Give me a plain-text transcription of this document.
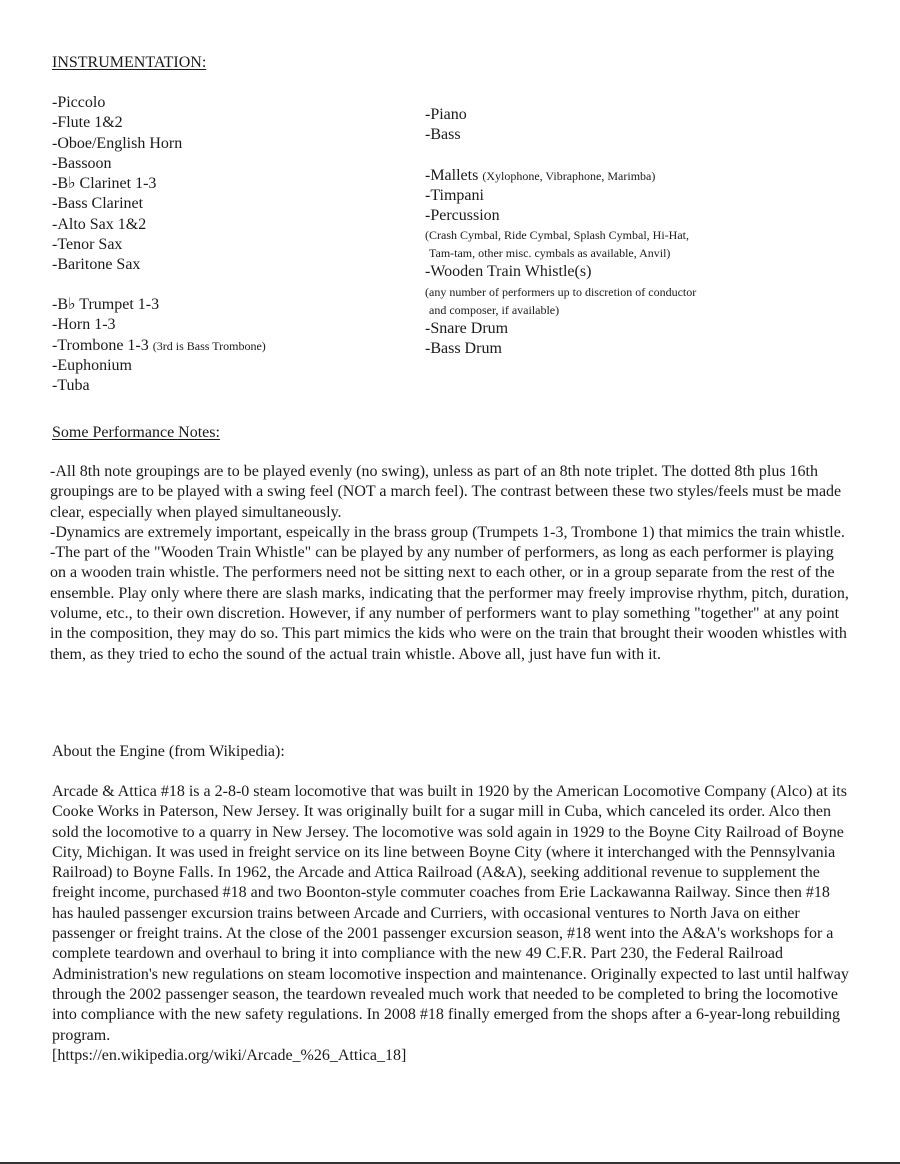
INSTRUMENTATION:
-Piccolo
-Flute 1&2
-Oboe/English Horn
-Bassoon
-B♭ Clarinet 1-3
-Bass Clarinet
-Alto Sax 1&2
-Tenor Sax
-Baritone Sax
-B♭ Trumpet 1-3
-Horn 1-3
-Trombone 1-3 (3rd is Bass Trombone)
-Euphonium
-Tuba
-Piano
-Bass
-Mallets (Xylophone, Vibraphone, Marimba)
-Timpani
-Percussion
(Crash Cymbal, Ride Cymbal, Splash Cymbal, Hi-Hat,
Tam-tam, other misc. cymbals as available, Anvil)
-Wooden Train Whistle(s)
(any number of performers up to discretion of conductor
and composer, if available)
-Snare Drum
-Bass Drum
Some Performance Notes:

-All 8th note groupings are to be played evenly (no swing), unless as part of an 8th note triplet. The dotted 8th plus 16th groupings are to be played with a swing feel (NOT a march feel). The contrast between these two styles/feels must be made clear, especially when played simultaneously.

-Dynamics are extremely important, espeically in the brass group (Trumpets 1-3, Trombone 1) that mimics the train whistle.

-The part of the "Wooden Train Whistle" can be played by any number of performers, as long as each performer is playing on a wooden train whistle. The performers need not be sitting next to each other, or in a group separate from the rest of the ensemble. Play only where there are slash marks, indicating that the performer may freely improvise rhythm, pitch, duration, volume, etc., to their own discretion. However, if any number of performers want to play something "together" at any point in the composition, they may do so. This part mimics the kids who were on the train that brought their wooden whistles with them, as they tried to echo the sound of the actual train whistle. Above all, just have fun with it.

About the Engine (from Wikipedia):

Arcade & Attica #18 is a 2-8-0 steam locomotive that was built in 1920 by the American Locomotive Company (Alco) at its Cooke Works in Paterson, New Jersey. It was originally built for a sugar mill in Cuba, which canceled its order. Alco then sold the locomotive to a quarry in New Jersey. The locomotive was sold again in 1929 to the Boyne City Railroad of Boyne City, Michigan. It was used in freight service on its line between Boyne City (where it interchanged with the Pennsylvania Railroad) to Boyne Falls. In 1962, the Arcade and Attica Railroad (A&A), seeking additional revenue to supplement the freight income, purchased #18 and two Boonton-style commuter coaches from Erie Lackawanna Railway. Since then #18 has hauled passenger excursion trains between Arcade and Curriers, with occasional ventures to North Java on either passenger or freight trains. At the close of the 2001 passenger excursion season, #18 went into the A&A's workshops for a complete teardown and overhaul to bring it into compliance with the new 49 C.F.R. Part 230, the Federal Railroad Administration's new regulations on steam locomotive inspection and maintenance. Originally expected to last until halfway through the 2002 passenger season, the teardown revealed much work that needed to be completed to bring the locomotive into compliance with the new safety regulations. In 2008 #18 finally emerged from the shops after a 6-year-long rebuilding program.

[https://en.wikipedia.org/wiki/Arcade_%26_Attica_18]
